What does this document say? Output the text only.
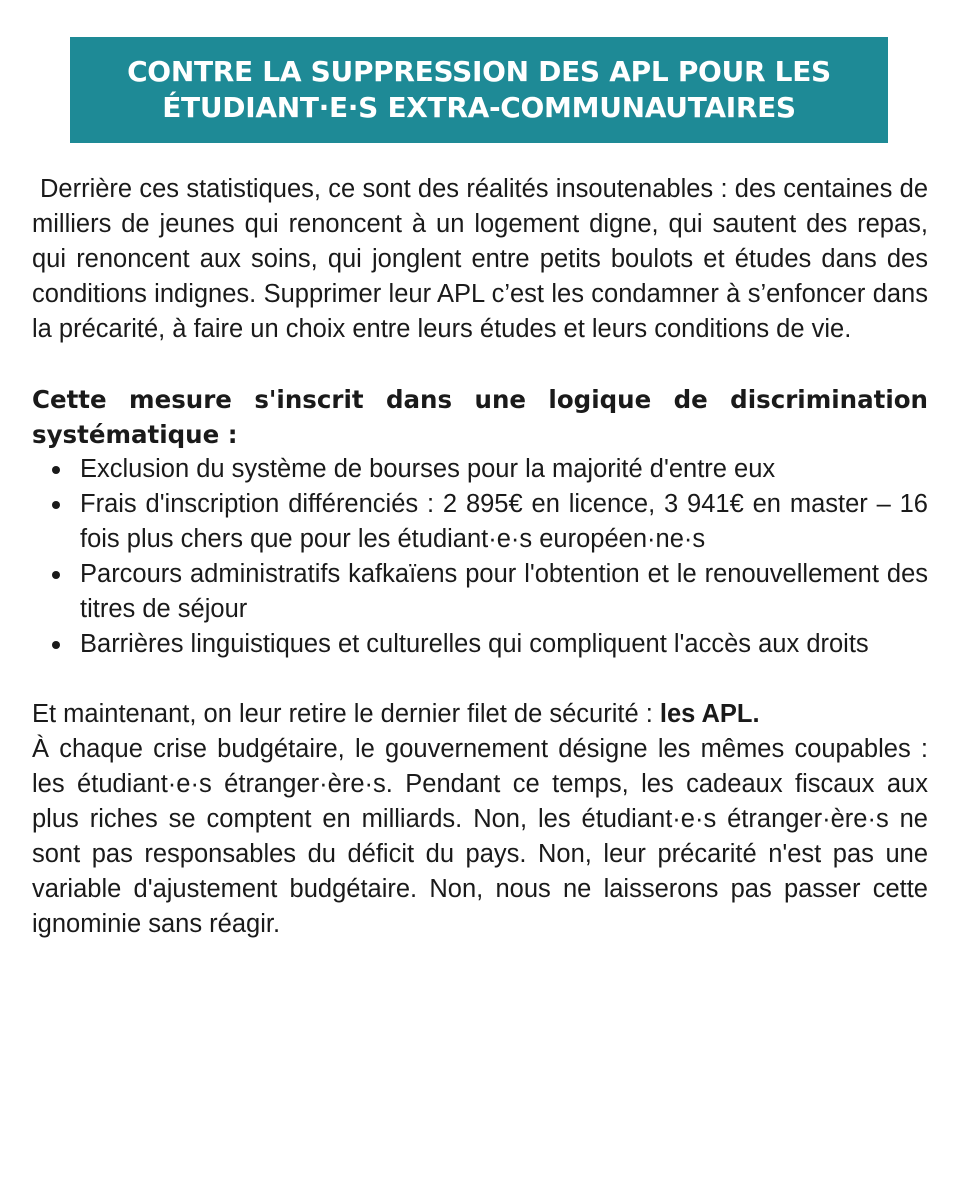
CONTRE LA SUPPRESSION DES APL POUR LES
ÉTUDIANT·E·S EXTRA-COMMUNAUTAIRES

Derrière ces statistiques, ce sont des réalités insoutenables : des centaines de milliers de jeunes qui renoncent à un logement digne, qui sautent des repas, qui renoncent aux soins, qui jonglent entre petits boulots et études dans des conditions indignes. Supprimer leur APL c’est les condamner à s’enfoncer dans la précarité, à faire un choix entre leurs études et leurs conditions de vie.

Cette mesure s'inscrit dans une logique de discrimination systématique :

Exclusion du système de bourses pour la majorité d'entre eux
Frais d'inscription différenciés : 2 895€ en licence, 3 941€ en master – 16 fois plus chers que pour les étudiant·e·s européen·ne·s
Parcours administratifs kafkaïens pour l'obtention et le renouvellement des titres de séjour
Barrières linguistiques et culturelles qui compliquent l'accès aux droits

Et maintenant, on leur retire le dernier filet de sécurité : les APL.

À chaque crise budgétaire, le gouvernement désigne les mêmes coupables : les étudiant·e·s étranger·ère·s. Pendant ce temps, les cadeaux fiscaux aux plus riches se comptent en milliards. Non, les étudiant·e·s étranger·ère·s ne sont pas responsables du déficit du pays. Non, leur précarité n'est pas une variable d'ajustement budgétaire. Non, nous ne laisserons pas passer cette ignominie sans réagir.
